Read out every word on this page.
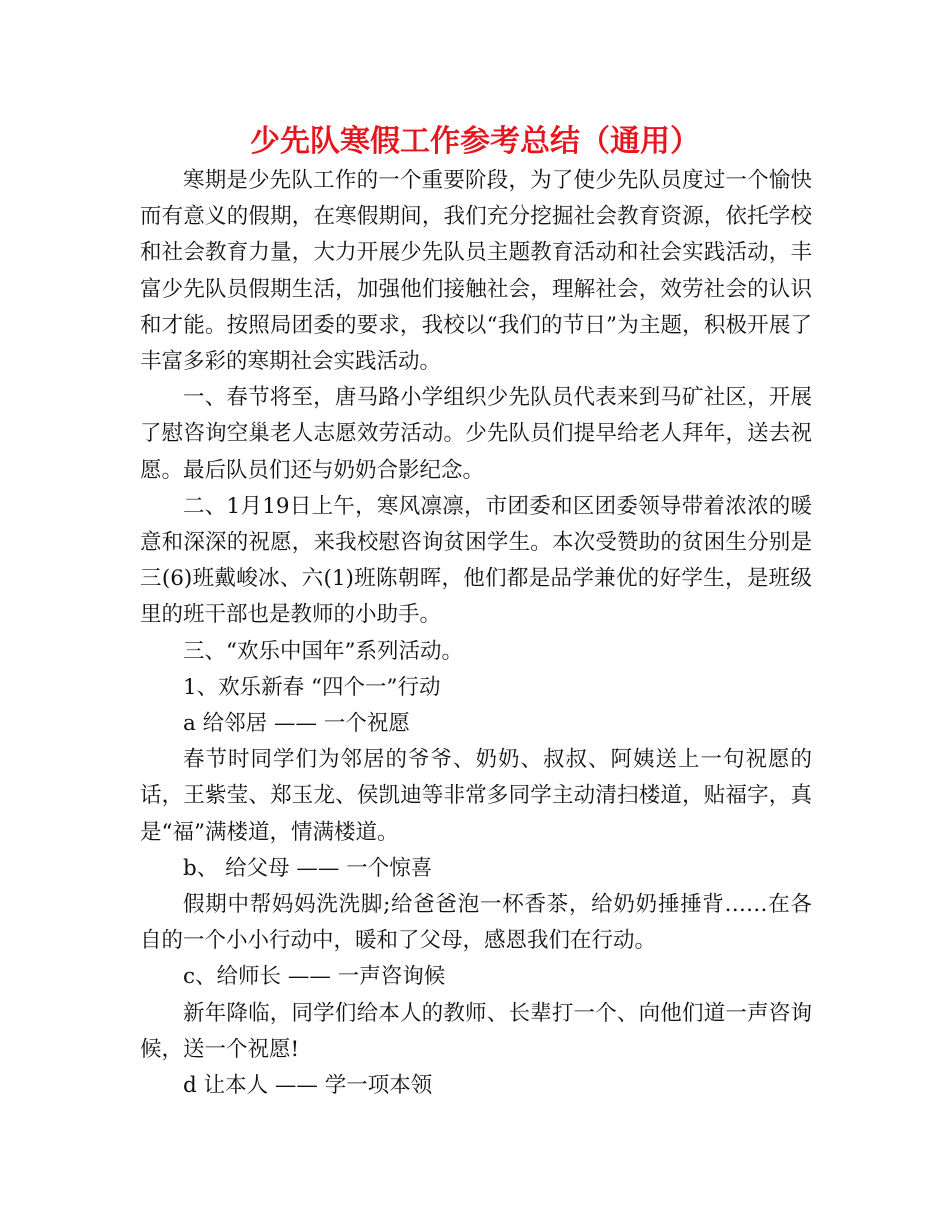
少先队寒假工作参考总结（通用）

寒期是少先队工作的一个重要阶段，为了使少先队员度过一个愉快而有意义的假期，在寒假期间，我们充分挖掘社会教育资源，依托学校和社会教育力量，大力开展少先队员主题教育活动和社会实践活动，丰富少先队员假期生活，加强他们接触社会，理解社会，效劳社会的认识和才能。按照局团委的要求，我校以“我们的节日”为主题，积极开展了丰富多彩的寒期社会实践活动。

一、春节将至，唐马路小学组织少先队员代表来到马矿社区，开展了慰咨询空巢老人志愿效劳活动。少先队员们提早给老人拜年，送去祝愿。最后队员们还与奶奶合影纪念。

二、1月19日上午，寒风凛凛，市团委和区团委领导带着浓浓的暖意和深深的祝愿，来我校慰咨询贫困学生。本次受赞助的贫困生分别是三(6)班戴峻冰、六(1)班陈朝晖，他们都是品学兼优的好学生，是班级里的班干部也是教师的小助手。

三、“欢乐中国年”系列活动。

1、欢乐新春 “四个一”行动

a 给邻居 —— 一个祝愿

春节时同学们为邻居的爷爷、奶奶、叔叔、阿姨送上一句祝愿的话，王紫莹、郑玉龙、侯凯迪等非常多同学主动清扫楼道，贴福字，真是“福”满楼道，情满楼道。

b、 给父母 —— 一个惊喜

假期中帮妈妈洗洗脚;给爸爸泡一杯香茶，给奶奶捶捶背……在各自的一个小小行动中，暖和了父母，感恩我们在行动。

c、给师长 —— 一声咨询候

新年降临，同学们给本人的教师、长辈打一个、向他们道一声咨询候，送一个祝愿!

d 让本人 —— 学一项本领
